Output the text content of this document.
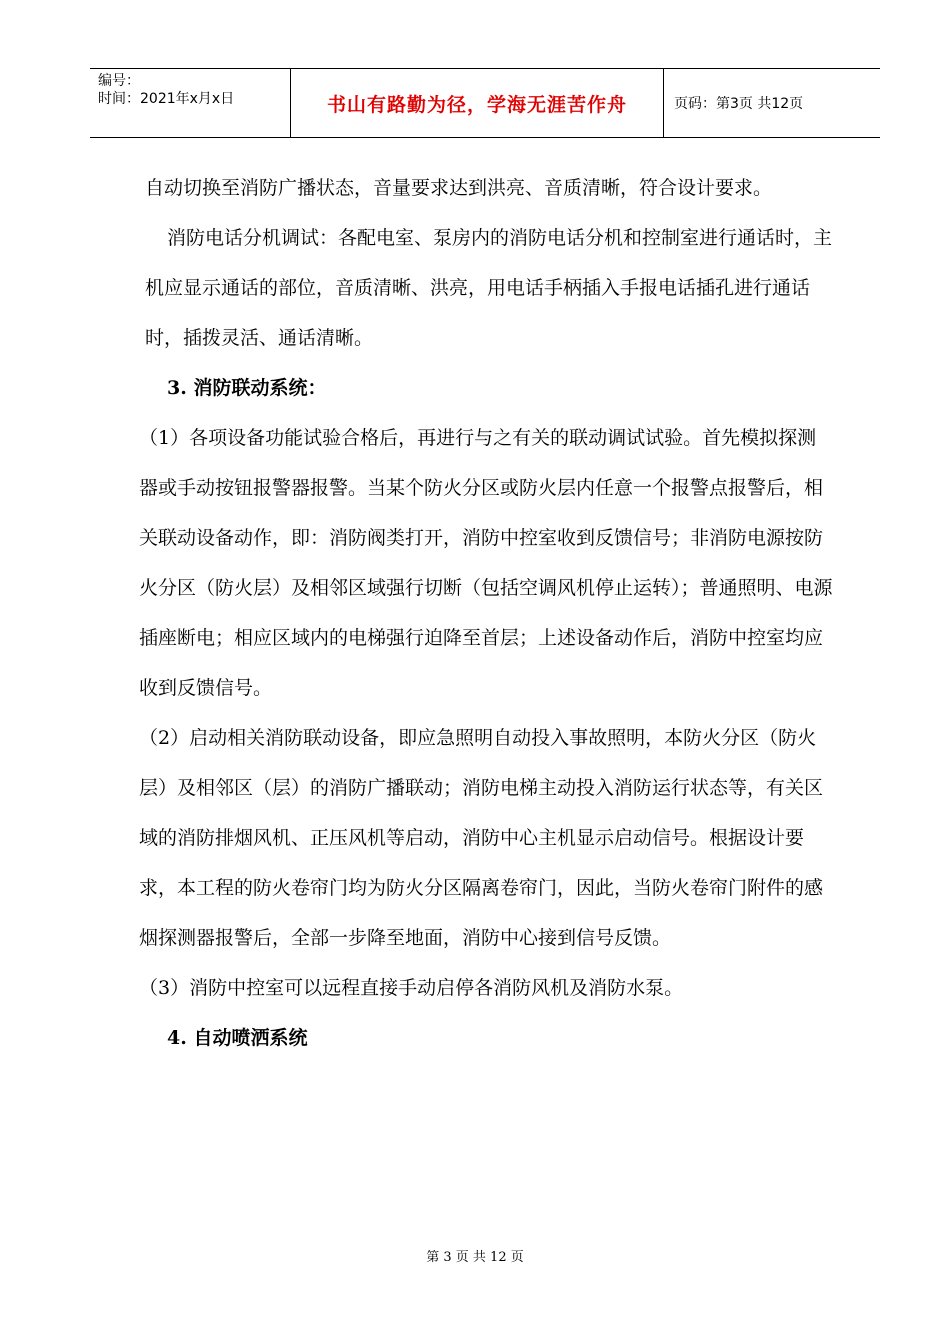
编号：
时间：2021年x月x日	书山有路勤为径，学海无涯苦作舟	页码：第3页 共12页

自动切换至消防广播状态，音量要求达到洪亮、音质清晰，符合设计要求。

消防电话分机调试：各配电室、泵房内的消防电话分机和控制室进行通话时，主机应显示通话的部位，音质清晰、洪亮，用电话手柄插入手报电话插孔进行通话时，插拨灵活、通话清晰。

3. 消防联动系统：

（1）各项设备功能试验合格后，再进行与之有关的联动调试试验。首先模拟探测器或手动按钮报警器报警。当某个防火分区或防火层内任意一个报警点报警后，相关联动设备动作，即：消防阀类打开，消防中控室收到反馈信号；非消防电源按防火分区（防火层）及相邻区域强行切断（包括空调风机停止运转）；普通照明、电源插座断电；相应区域内的电梯强行迫降至首层；上述设备动作后，消防中控室均应收到反馈信号。

（2）启动相关消防联动设备，即应急照明自动投入事故照明，本防火分区（防火层）及相邻区（层）的消防广播联动；消防电梯主动投入消防运行状态等，有关区域的消防排烟风机、正压风机等启动，消防中心主机显示启动信号。根据设计要求，本工程的防火卷帘门均为防火分区隔离卷帘门，因此，当防火卷帘门附件的感烟探测器报警后，全部一步降至地面，消防中心接到信号反馈。

（3）消防中控室可以远程直接手动启停各消防风机及消防水泵。

4. 自动喷洒系统

第 3 页 共 12 页
